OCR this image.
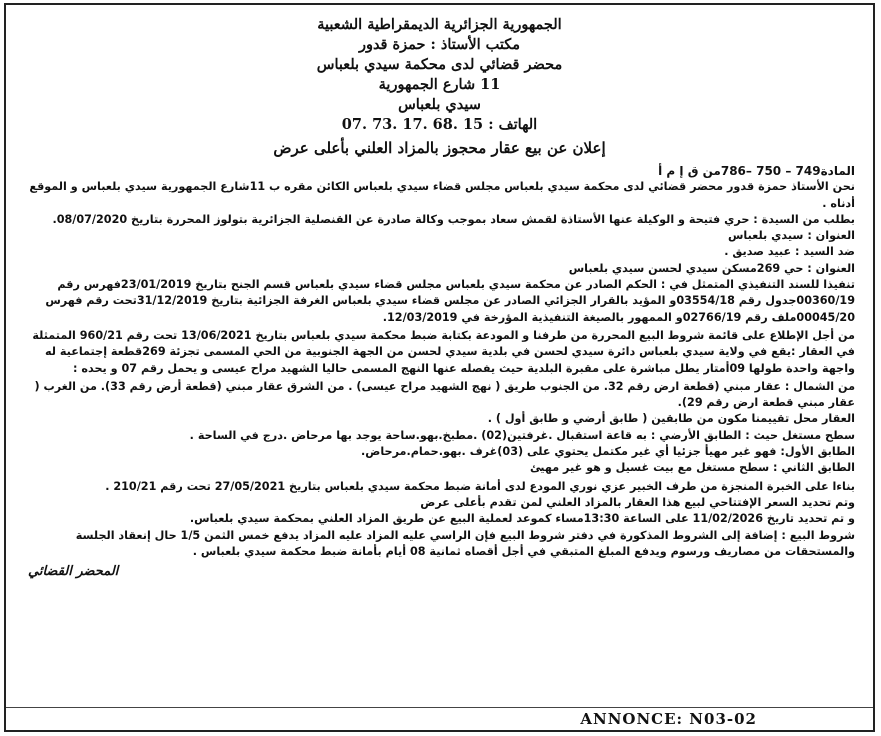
الجمهورية الجزائرية الديمقراطية الشعبية
مكتب الأستاذ : حمزة قدور
محضر قضائي لدى محكمة سيدي بلعباس
11 شارع الجمهورية
سيدي بلعباس
الهاتف : 15 .68 .17 .73 .07
إعلان عن بيع عقار محجوز بالمزاد العلني بأعلى عرض

المادة749 – 750 –786من ق إ م أ

نحن الأستاذ حمزة قدور محضر قضائي لدى محكمة سيدي بلعباس مجلس قضاء سيدي بلعباس الكائن مقره ب 11شارع الجمهورية سيدي بلعباس و الموقع أدناه .

بطلب من السيدة : حري فتيحة و الوكيلة عنها الأستاذة لقمش سعاد بموجب وكالة صادرة عن القنصلية الجزائرية بتولوز المحررة بتاريخ 08/07/2020.

العنوان : سيدي بلعباس

ضد السيد : عبيد صديق .

العنوان : حي 269مسكن سيدي لحسن سيدي بلعباس

تنفيذا للسند التنفيذي المتمثل في : الحكم الصادر عن محكمة سيدي بلعباس مجلس قضاء سيدي بلعباس قسم الجنح بتاريخ 23/01/2019فهرس رقم 00360/19جدول رقم 03554/18و المؤيد بالقرار الجزائي الصادر عن مجلس قضاء سيدي بلعباس الغرفة الجزائية بتاريخ 31/12/2019تحت رقم فهرس 00045/20ملف رقم 02766/19و الممهور بالصيغة التنفيذية المؤرخة في 12/03/2019.

من أجل الإطلاع على قائمة شروط البيع المحررة من طرفنا و المودعة بكتابة ضبط محكمة سيدي بلعباس بتاريخ 13/06/2021 تحت رقم 960/21 المتمثلة في العقار :يقع في ولاية سيدي بلعباس دائرة سيدي لحسن في بلدية سيدي لحسن من الجهة الجنوبية من الحي المسمى تجزئة 269قطعة إجتماعية له واجهة واحدة طولها 09أمتار يطل مباشرة على مقبرة البلدية حيث يفصله عنها النهج المسمى حاليا الشهيد مراح عيسى و يحمل رقم 07 و يحده :

من الشمال : عقار مبني (قطعة ارض رقم 32. من الجنوب طريق ( نهج الشهيد مراح عيسى) . من الشرق عقار مبني (قطعة أرض رقم 33). من الغرب ( عقار مبني قطعة ارض رقم 29).

العقار محل تقييمنا مكون من طابقين ( طابق أرضي و طابق أول ) .

سطح مستغل حيث : الطابق الأرضي : به قاعة استقبال .غرفتين(02) .مطبخ.بهو.ساحة يوجد بها مرحاض .درج في الساحة .

الطابق الأول: فهو غير مهيأ جزئيا أي غير مكتمل يحتوي على (03)غرف .بهو.حمام.مرحاض.

الطابق الثاني : سطح مستغل مع بيت غسيل و هو غير مهيئ

بناءا على الخبرة المنجزة من طرف الخبير عزي نوري المودع لدى أمانة ضبط محكمة سيدي بلعباس بتاريخ 27/05/2021 تحت رقم 210/21 .

وتم تحديد السعر الإفتتاحي لبيع هذا العقار بالمزاد العلني لمن تقدم بأعلى عرض

و تم تحديد تاريخ 11/02/2026 على الساعة 13:30مساء كموعد لعملية البيع عن طريق المزاد العلني بمحكمة سيدي بلعباس.

شروط البيع : إضافة إلى الشروط المذكورة في دفتر شروط البيع فإن الراسي عليه المزاد عليه المزاد يدفع خمس الثمن 1/5 حال إنعقاد الجلسة والمستحقات من مصاريف ورسوم ويدفع المبلغ المتبقي في أجل أقصاه ثمانية 08 أيام بأمانة ضبط محكمة سيدي بلعباس .

المحضر القضائي
ANNONCE: N03-02
